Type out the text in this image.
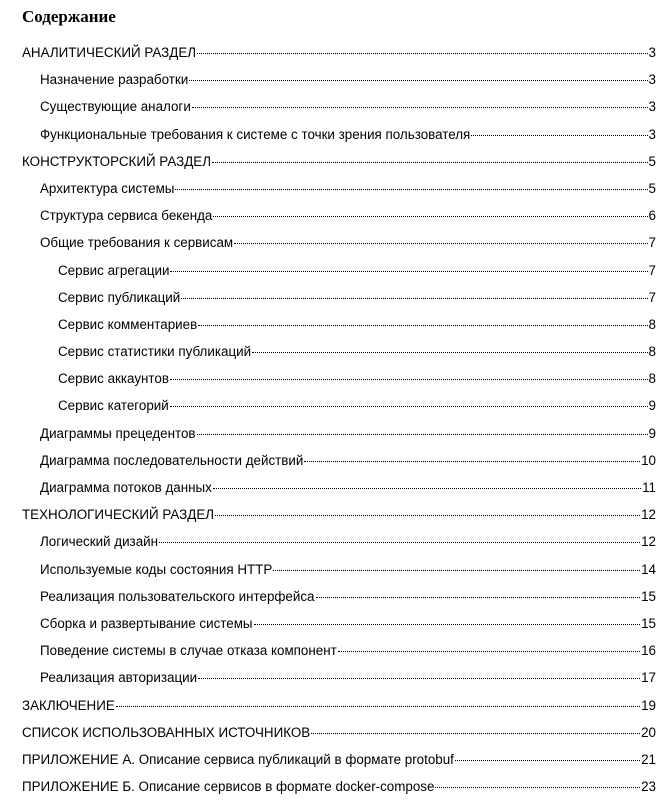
Содержание
АНАЛИТИЧЕСКИЙ РАЗДЕЛ	3
Назначение разработки	3
Существующие аналоги	3
Функциональные требования к системе с точки зрения пользователя	3
КОНСТРУКТОРСКИЙ РАЗДЕЛ	5
Архитектура системы	5
Структура сервиса бекенда	6
Общие требования к сервисам	7
Сервис агрегации	7
Сервис публикаций	7
Сервис комментариев	8
Сервис статистики публикаций	8
Сервис аккаунтов	8
Сервис категорий	9
Диаграммы прецедентов	9
Диаграмма последовательности действий	10
Диаграмма потоков данных	11
ТЕХНОЛОГИЧЕСКИЙ РАЗДЕЛ	12
Логический дизайн	12
Используемые коды состояния HTTP	14
Реализация пользовательского интерфейса	15
Сборка и развертывание системы	15
Поведение системы в случае отказа компонент	16
Реализация авторизации	17
ЗАКЛЮЧЕНИЕ	19
СПИСОК ИСПОЛЬЗОВАННЫХ ИСТОЧНИКОВ	20
ПРИЛОЖЕНИЕ А. Описание сервиса публикаций в формате protobuf	21
ПРИЛОЖЕНИЕ Б. Описание сервисов в формате docker-compose	23
